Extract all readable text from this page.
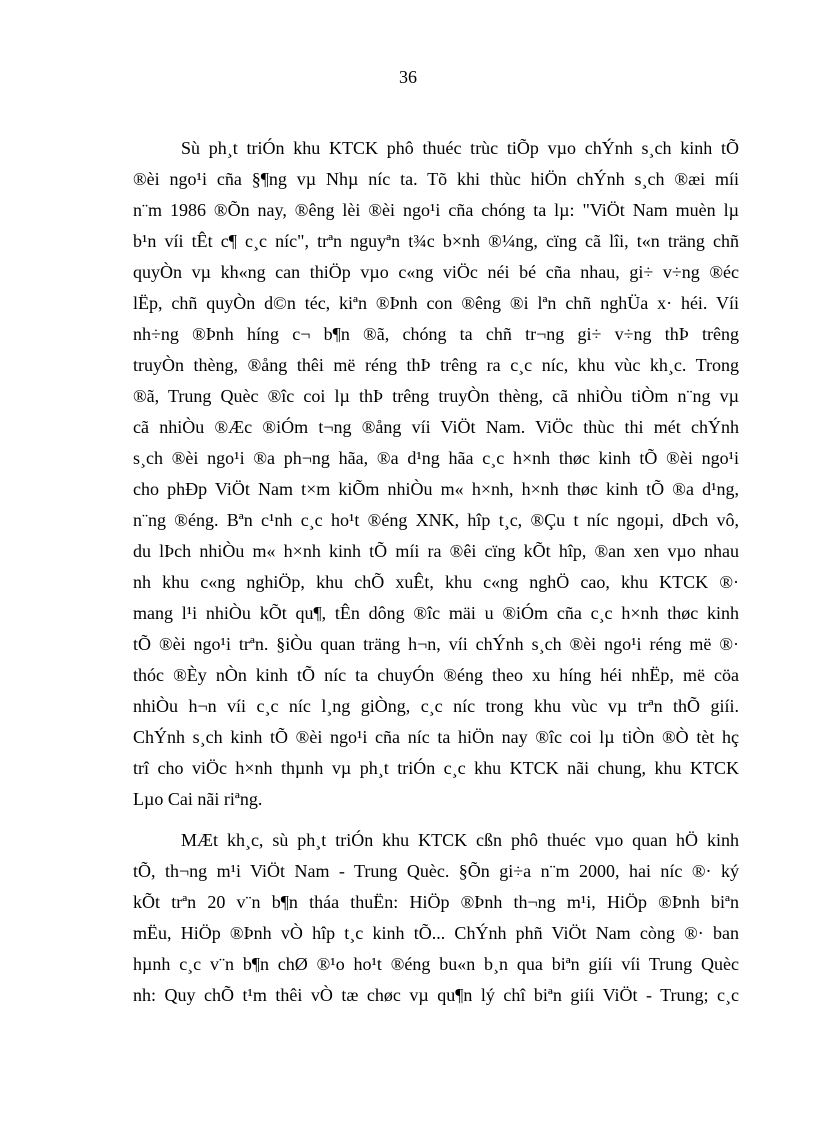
36
Sù ph¸t triÓn khu KTCK phô thuéc trùc tiÕp vµo chÝnh s¸ch kinh tÕ
®èi ngo¹i cña §¶ng vµ Nhµ níc ta. Tõ khi thùc hiÖn chÝnh s¸ch ®æi míi
n¨m 1986 ®Õn nay, ®êng lèi ®èi ngo¹i cña chóng ta lµ: "ViÖt Nam muèn lµ
b¹n víi tÊt c¶ c¸c níc", trªn nguyªn t¾c b×nh ®¼ng, cïng cã lîi, t«n träng chñ
quyÒn vµ kh«ng can thiÖp vµo c«ng viÖc néi bé cña nhau, gi÷ v÷ng ®éc
lËp, chñ quyÒn d©n téc, kiªn ®Þnh con ®êng ®i lªn chñ nghÜa x· héi. Víi
nh÷ng ®Þnh híng c¬ b¶n ®ã, chóng ta chñ tr¬ng gi÷ v÷ng thÞ trêng
truyÒn thèng, ®ång thêi më réng thÞ trêng ra c¸c níc, khu vùc kh¸c. Trong
®ã, Trung Quèc ®îc coi lµ thÞ trêng truyÒn thèng, cã nhiÒu tiÒm n¨ng vµ
cã nhiÒu ®Æc ®iÓm t¬ng ®ång víi ViÖt Nam. ViÖc thùc thi mét chÝnh
s¸ch ®èi ngo¹i ®a ph¬ng hãa, ®a d¹ng hãa c¸c h×nh thøc kinh tÕ ®èi ngo¹i
cho phÐp ViÖt Nam t×m kiÕm nhiÒu m« h×nh, h×nh thøc kinh tÕ ®a d¹ng,
n¨ng ®éng. Bªn c¹nh c¸c ho¹t ®éng XNK, hîp t¸c, ®Çu t níc ngoµi, dÞch vô,
du lÞch nhiÒu m« h×nh kinh tÕ míi ra ®êi cïng kÕt hîp, ®an xen vµo nhau
nh khu c«ng nghiÖp, khu chÕ xuÊt, khu c«ng nghÖ cao, khu KTCK ®·
mang l¹i nhiÒu kÕt qu¶, tÊn dông ®îc mäi u ®iÓm cña c¸c h×nh thøc kinh
tÕ ®èi ngo¹i trªn. §iÒu quan träng h¬n, víi chÝnh s¸ch ®èi ngo¹i réng më ®·
thóc ®Èy nÒn kinh tÕ níc ta chuyÓn ®éng theo xu híng héi nhËp, më cöa
nhiÒu h¬n víi c¸c níc l¸ng giÒng, c¸c níc trong khu vùc vµ trªn thÕ giíi.
ChÝnh s¸ch kinh tÕ ®èi ngo¹i cña níc ta hiÖn nay ®îc coi lµ tiÒn ®Ò tèt hç
trî cho viÖc h×nh thµnh vµ ph¸t triÓn c¸c khu KTCK nãi chung, khu KTCK
Lµo Cai nãi riªng.
MÆt kh¸c, sù ph¸t triÓn khu KTCK cßn phô thuéc vµo quan hÖ kinh
tÕ, th¬ng m¹i ViÖt Nam - Trung Quèc. §Õn gi÷a n¨m 2000, hai níc ®· ký
kÕt trªn 20 v¨n b¶n tháa thuËn: HiÖp ®Þnh th¬ng m¹i, HiÖp ®Þnh biªn
mËu, HiÖp ®Þnh vÒ hîp t¸c kinh tÕ... ChÝnh phñ ViÖt Nam còng ®· ban
hµnh c¸c v¨n b¶n chØ ®¹o ho¹t ®éng bu«n b¸n qua biªn giíi víi Trung Quèc
nh: Quy chÕ t¹m thêi vÒ tæ chøc vµ qu¶n lý chî biªn giíi ViÖt - Trung; c¸c
